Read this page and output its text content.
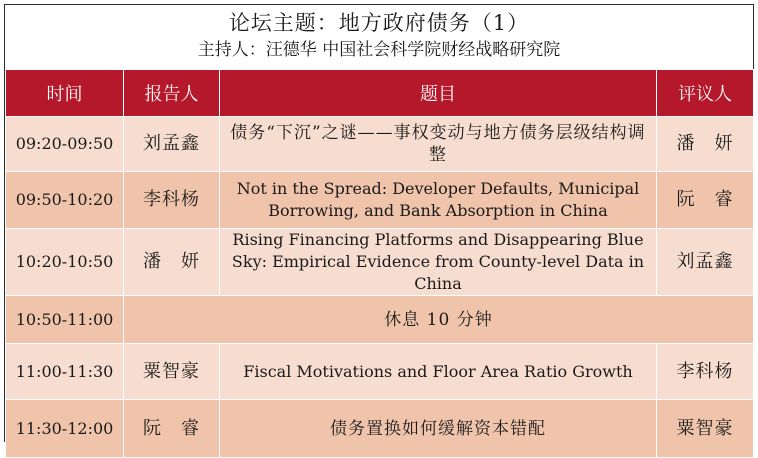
论坛主题：地方政府债务（1）
主持人：汪德华 中国社会科学院财经战略研究院
时间	报告人	题目	评议人
09:20-09:50	刘孟鑫	债务“下沉”之谜——事权变动与地方债务层级结构调整	潘　妍
09:50-10:20	李科杨	Not in the Spread: Developer Defaults, Municipal Borrowing, and Bank Absorption in China	阮　睿
10:20-10:50	潘　妍	Rising Financing Platforms and Disappearing Blue Sky: Empirical Evidence from County-level Data in China	刘孟鑫
10:50-11:00	休息 10 分钟		
11:00-11:30	粟智豪	Fiscal Motivations and Floor Area Ratio Growth	李科杨
11:30-12:00	阮　睿	债务置换如何缓解资本错配	粟智豪
